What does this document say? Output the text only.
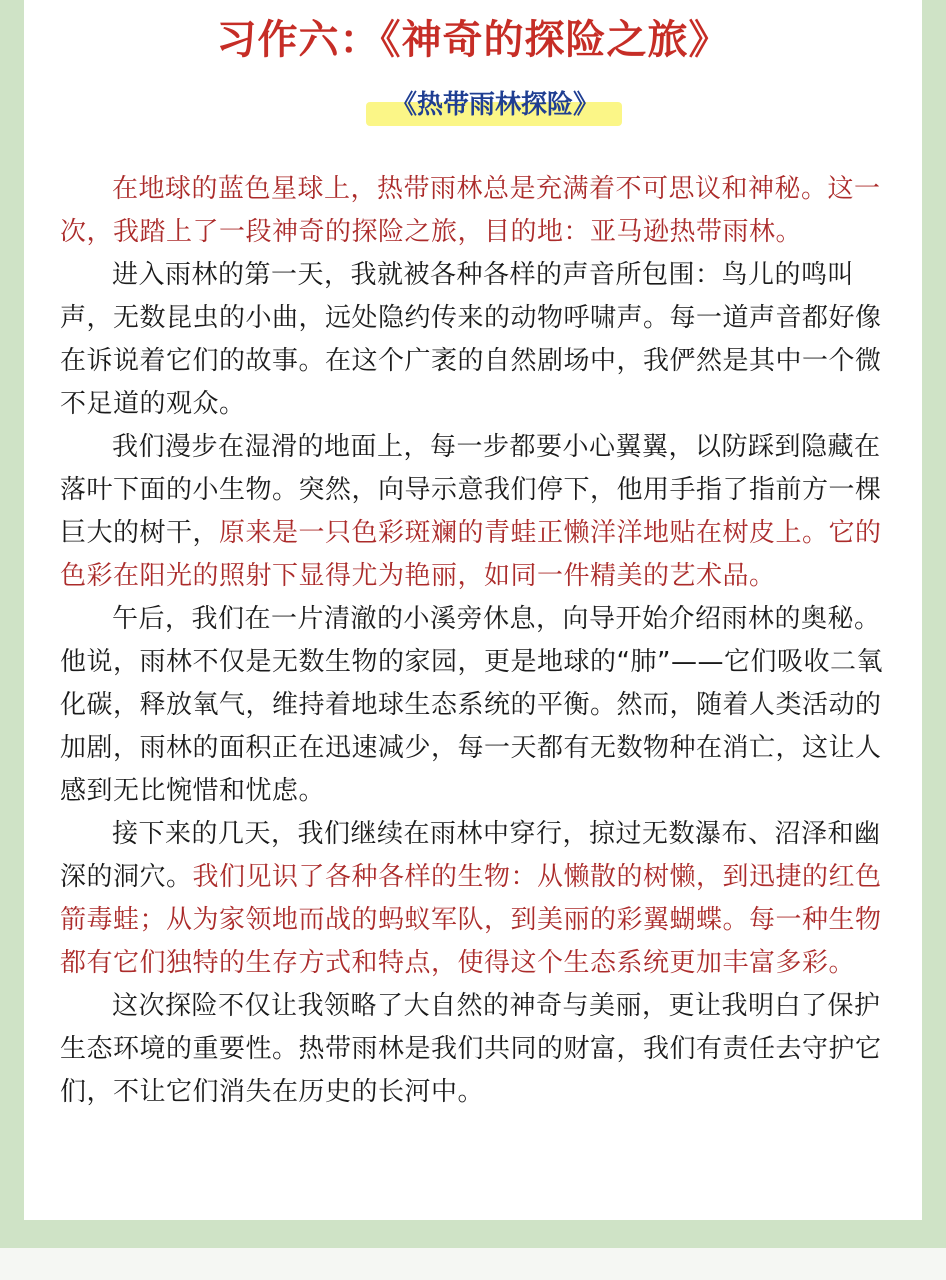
习作六：《神奇的探险之旅》
《热带雨林探险》

在地球的蓝色星球上，热带雨林总是充满着不可思议和神秘。这一次，我踏上了一段神奇的探险之旅，目的地：亚马逊热带雨林。

进入雨林的第一天，我就被各种各样的声音所包围：鸟儿的鸣叫声，无数昆虫的小曲，远处隐约传来的动物呼啸声。每一道声音都好像在诉说着它们的故事。在这个广袤的自然剧场中，我俨然是其中一个微不足道的观众。

我们漫步在湿滑的地面上，每一步都要小心翼翼，以防踩到隐藏在落叶下面的小生物。突然，向导示意我们停下，他用手指了指前方一棵巨大的树干，原来是一只色彩斑斓的青蛙正懒洋洋地贴在树皮上。它的色彩在阳光的照射下显得尤为艳丽，如同一件精美的艺术品。

午后，我们在一片清澈的小溪旁休息，向导开始介绍雨林的奥秘。他说，雨林不仅是无数生物的家园，更是地球的“肺”——它们吸收二氧化碳，释放氧气，维持着地球生态系统的平衡。然而，随着人类活动的加剧，雨林的面积正在迅速减少，每一天都有无数物种在消亡，这让人感到无比惋惜和忧虑。

接下来的几天，我们继续在雨林中穿行，掠过无数瀑布、沼泽和幽深的洞穴。我们见识了各种各样的生物：从懒散的树懒，到迅捷的红色箭毒蛙；从为家领地而战的蚂蚁军队，到美丽的彩翼蝴蝶。每一种生物都有它们独特的生存方式和特点，使得这个生态系统更加丰富多彩。

这次探险不仅让我领略了大自然的神奇与美丽，更让我明白了保护生态环境的重要性。热带雨林是我们共同的财富，我们有责任去守护它们，不让它们消失在历史的长河中。
